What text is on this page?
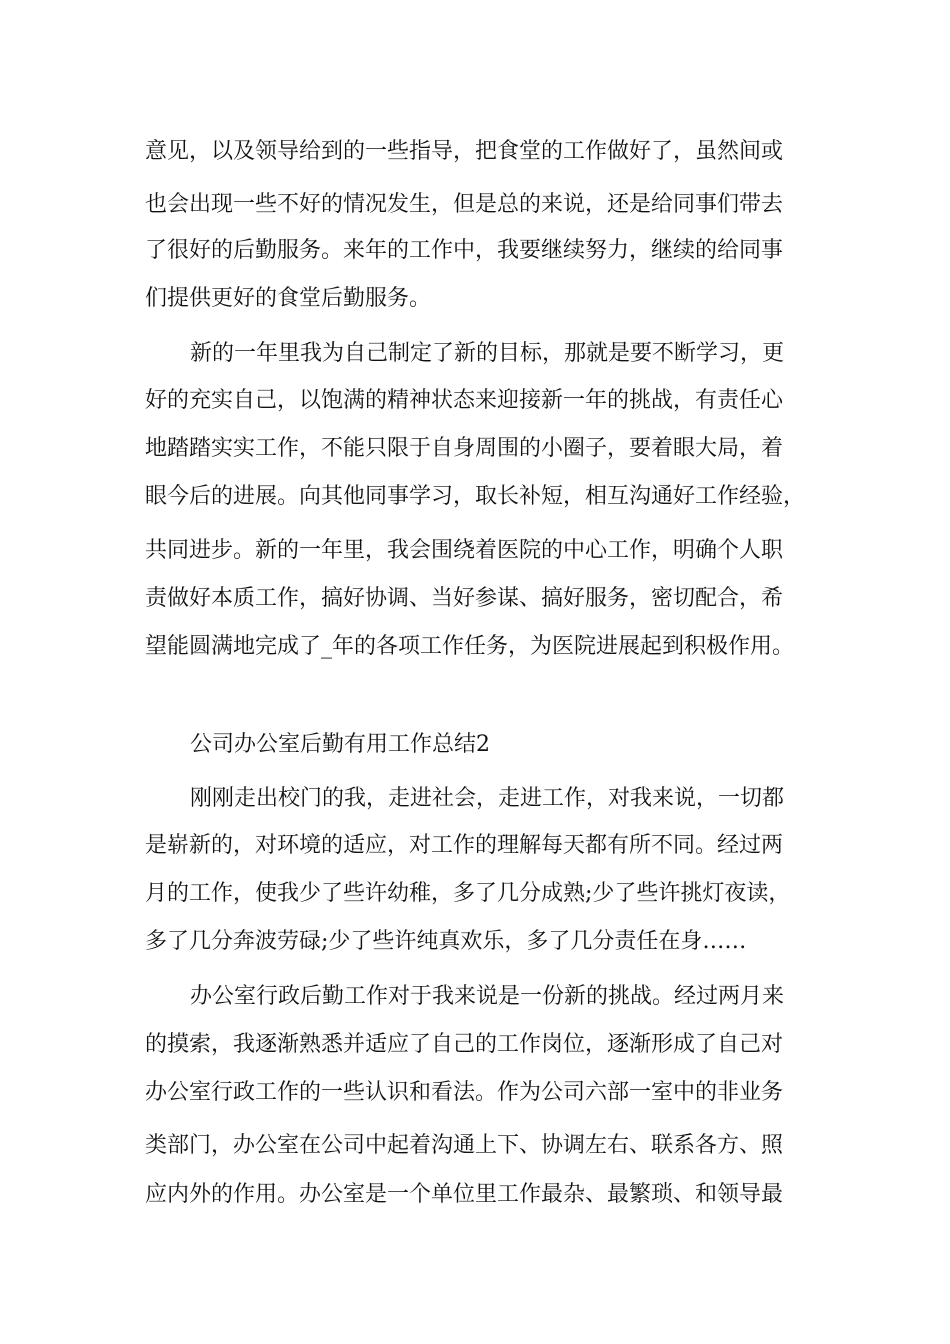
意见，以及领导给到的一些指导，把食堂的工作做好了，虽然间或
也会出现一些不好的情况发生，但是总的来说，还是给同事们带去
了很好的后勤服务。来年的工作中，我要继续努力，继续的给同事
们提供更好的食堂后勤服务。
新的一年里我为自己制定了新的目标，那就是要不断学习，更
好的充实自己，以饱满的精神状态来迎接新一年的挑战，有责任心
地踏踏实实工作，不能只限于自身周围的小圈子，要着眼大局，着
眼今后的进展。向其他同事学习，取长补短，相互沟通好工作经验，
共同进步。新的一年里，我会围绕着医院的中心工作，明确个人职
责做好本质工作，搞好协调、当好参谋、搞好服务，密切配合，希
望能圆满地完成了_年的各项工作任务，为医院进展起到积极作用。
公司办公室后勤有用工作总结2
刚刚走出校门的我，走进社会，走进工作，对我来说，一切都
是崭新的，对环境的适应，对工作的理解每天都有所不同。经过两
月的工作，使我少了些许幼稚，多了几分成熟;少了些许挑灯夜读，
多了几分奔波劳碌;少了些许纯真欢乐，多了几分责任在身……
办公室行政后勤工作对于我来说是一份新的挑战。经过两月来
的摸索，我逐渐熟悉并适应了自己的工作岗位，逐渐形成了自己对
办公室行政工作的一些认识和看法。作为公司六部一室中的非业务
类部门，办公室在公司中起着沟通上下、协调左右、联系各方、照
应内外的作用。办公室是一个单位里工作最杂、最繁琐、和领导最
